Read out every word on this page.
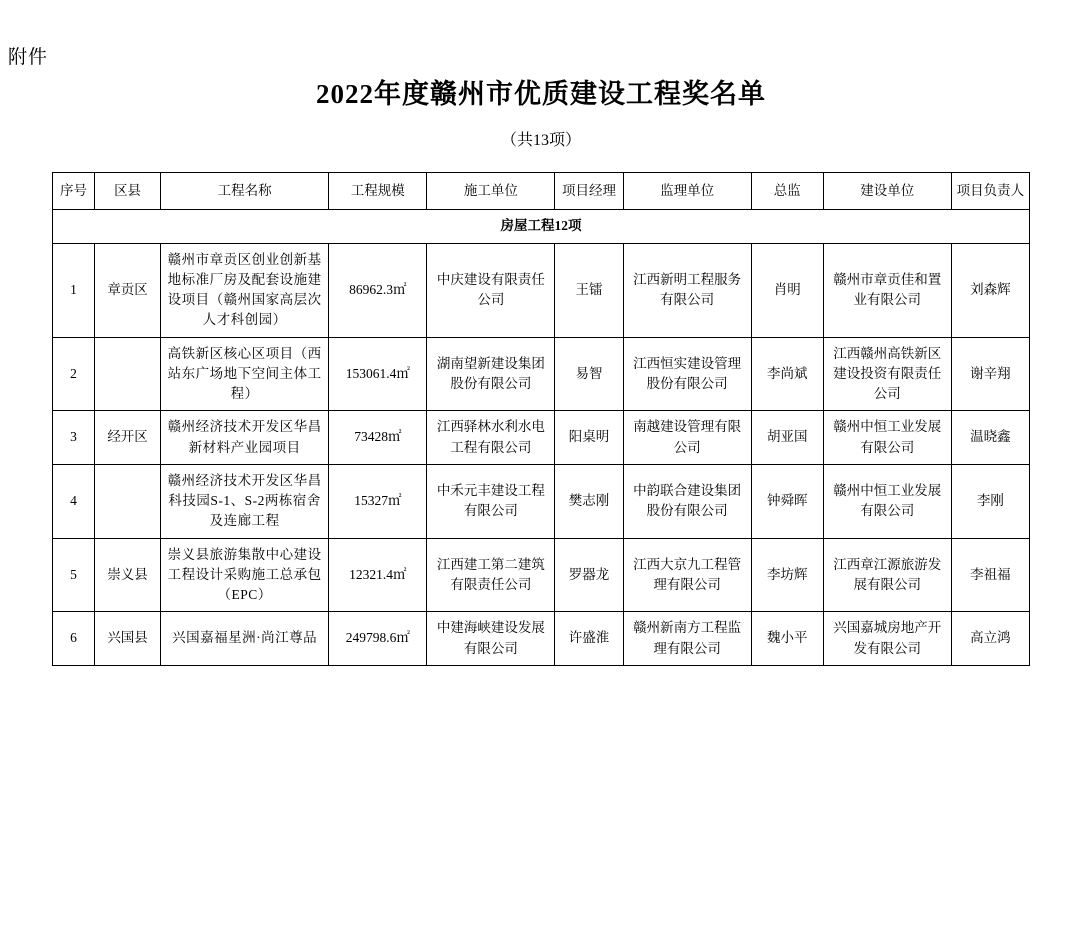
附件
2022年度赣州市优质建设工程奖名单
（共13项）
序号	区县	工程名称	工程规模	施工单位	项目经理	监理单位	总监	建设单位	项目负责人
房屋工程12项									
1	章贡区	赣州市章贡区创业创新基地标准厂房及配套设施建设项目（赣州国家高层次人才科创园）	86962.3㎡	中庆建设有限责任公司	王镭	江西新明工程服务有限公司	肖明	赣州市章贡佳和置业有限公司	刘森辉
2		高铁新区核心区项目（西站东广场地下空间主体工程）	153061.4㎡	湖南望新建设集团股份有限公司	易智	江西恒实建设管理股份有限公司	李尚斌	江西赣州高铁新区建设投资有限责任公司	谢辛翔
3	经开区	赣州经济技术开发区华昌新材料产业园项目	73428㎡	江西驿林水利水电工程有限公司	阳桌明	南越建设管理有限公司	胡亚国	赣州中恒工业发展有限公司	温晓鑫
4		赣州经济技术开发区华昌科技园S-1、S-2两栋宿舍及连廊工程	15327㎡	中禾元丰建设工程有限公司	樊志刚	中韵联合建设集团股份有限公司	钟舜晖	赣州中恒工业发展有限公司	李刚
5	崇义县	崇义县旅游集散中心建设工程设计采购施工总承包（EPC）	12321.4㎡	江西建工第二建筑有限责任公司	罗器龙	江西大京九工程管理有限公司	李坊辉	江西章江源旅游发展有限公司	李祖福
6	兴国县	兴国嘉福星洲·尚江尊品	249798.6㎡	中建海峡建设发展有限公司	许盛淮	赣州新南方工程监理有限公司	魏小平	兴国嘉城房地产开发有限公司	高立鸿
